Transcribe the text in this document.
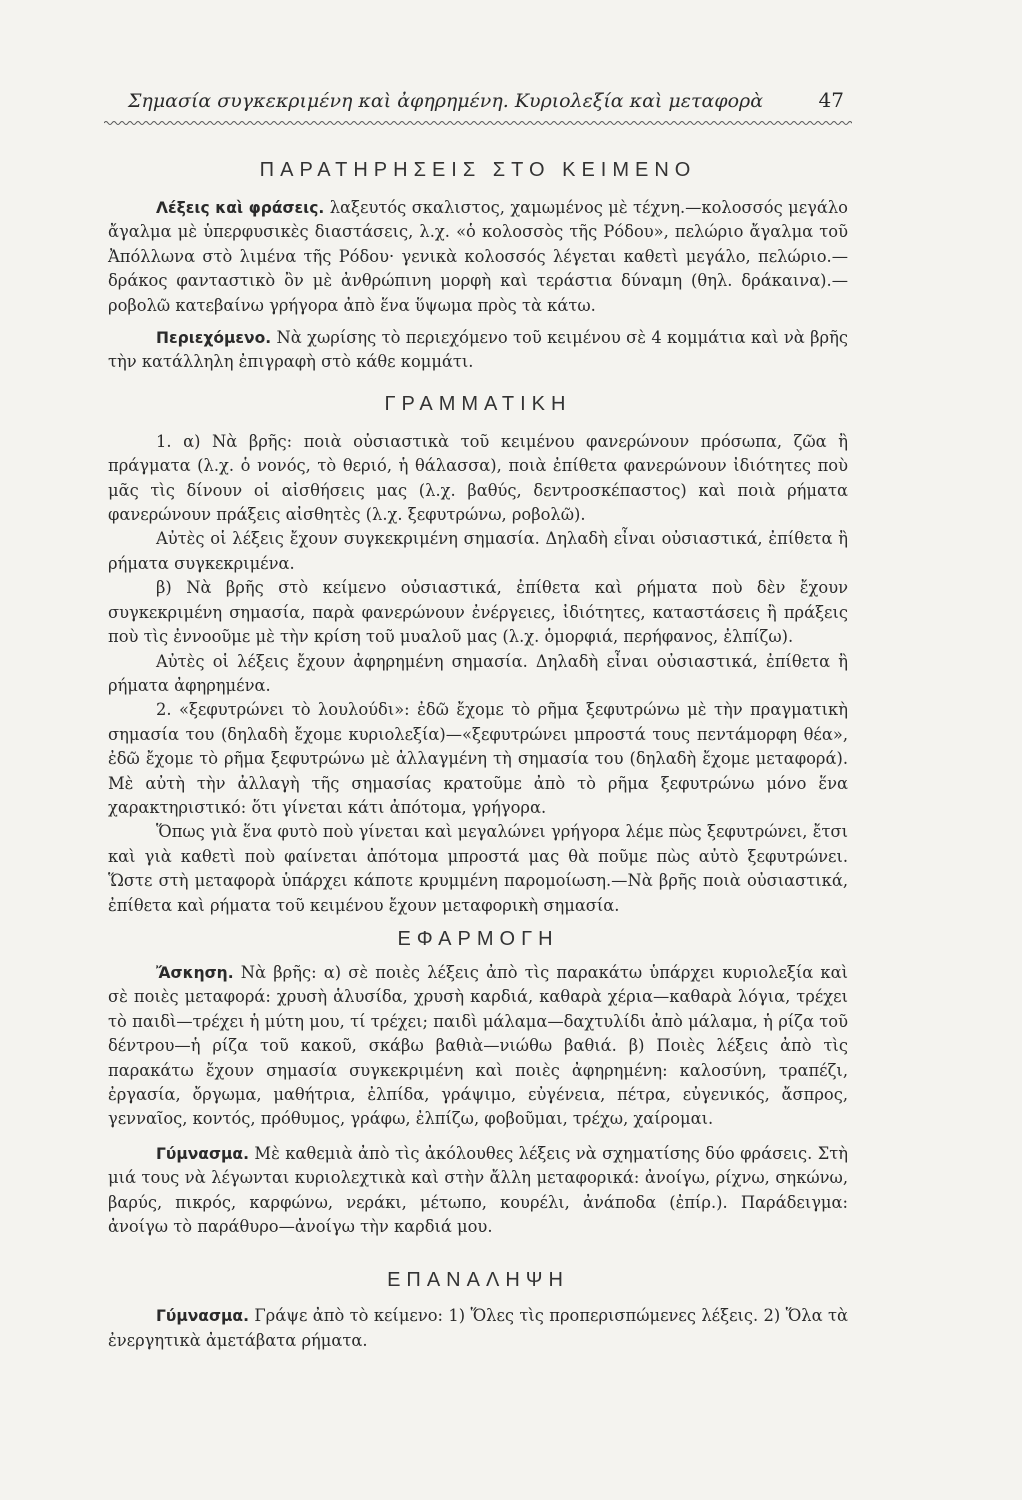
Σημασία συγκεκριμένη καὶ ἀφηρημένη. Κυριολεξία καὶ μεταφορὰ	47
ΠΑΡΑΤΗΡΗΣΕΙΣ ΣΤΟ ΚΕΙΜΕΝΟ

Λέξεις καὶ φράσεις. λαξευτός σκαλιστος, χαμωμένος μὲ τέχνη.—κολοσσός μεγάλο ἄγαλμα μὲ ὑπερφυσικὲς διαστάσεις, λ.χ. «ὁ κολοσσὸς τῆς Ρόδου», πελώριο ἄγαλμα τοῦ Ἀπόλλωνα στὸ λιμένα τῆς Ρόδου· γενικὰ κολοσσός λέγεται καθετὶ μεγάλο, πελώριο.—δράκος φανταστικὸ ὂν μὲ ἀνθρώπινη μορφὴ καὶ τεράστια δύναμη (θηλ. δράκαινα).—ροβολῶ κατεβαίνω γρήγορα ἀπὸ ἕνα ὕψωμα πρὸς τὰ κάτω.

Περιεχόμενο. Νὰ χωρίσης τὸ περιεχόμενο τοῦ κειμένου σὲ 4 κομμάτια καὶ νὰ βρῆς τὴν κατάλληλη ἐπιγραφὴ στὸ κάθε κομμάτι.

ΓΡΑΜΜΑΤΙΚΗ

1. α) Νὰ βρῆς: ποιὰ οὐσιαστικὰ τοῦ κειμένου φανερώνουν πρόσωπα, ζῶα ἢ πράγματα (λ.χ. ὁ νονός, τὸ θεριό, ἡ θάλασσα), ποιὰ ἐπίθετα φανερώνουν ἰδιότητες ποὺ μᾶς τὶς δίνουν οἱ αἰσθήσεις μας (λ.χ. βαθύς, δεντροσκέπαστος) καὶ ποιὰ ρήματα φανερώνουν πράξεις αἰσθητὲς (λ.χ. ξεφυτρώνω, ροβολῶ).

Αὐτὲς οἱ λέξεις ἔχουν συγκεκριμένη σημασία. Δηλαδὴ εἶναι οὐσιαστικά, ἐπίθετα ἢ ρήματα συγκεκριμένα.

β) Νὰ βρῆς στὸ κείμενο οὐσιαστικά, ἐπίθετα καὶ ρήματα ποὺ δὲν ἔχουν συγκεκριμένη σημασία, παρὰ φανερώνουν ἐνέργειες, ἰδιότητες, καταστάσεις ἢ πράξεις ποὺ τὶς ἐννοοῦμε μὲ τὴν κρίση τοῦ μυαλοῦ μας (λ.χ. ὁμορφιά, περήφανος, ἐλπίζω).

Αὐτὲς οἱ λέξεις ἔχουν ἀφηρημένη σημασία. Δηλαδὴ εἶναι οὐσιαστικά, ἐπίθετα ἢ ρήματα ἀφηρημένα.

2. «ξεφυτρώνει τὸ λουλούδι»: ἐδῶ ἔχομε τὸ ρῆμα ξεφυτρώνω μὲ τὴν πραγματικὴ σημασία του (δηλαδὴ ἔχομε κυριολεξία)—«ξεφυτρώνει μπροστά τους πεντάμορφη θέα», ἐδῶ ἔχομε τὸ ρῆμα ξεφυτρώνω μὲ ἀλλαγμένη τὴ σημασία του (δηλαδὴ ἔχομε μεταφορά). Μὲ αὐτὴ τὴν ἀλλαγὴ τῆς σημασίας κρατοῦμε ἀπὸ τὸ ρῆμα ξεφυτρώνω μόνο ἕνα χαρακτηριστικό: ὅτι γίνεται κάτι ἀπότομα, γρήγορα.

Ὅπως γιὰ ἕνα φυτὸ ποὺ γίνεται καὶ μεγαλώνει γρήγορα λέμε πὼς ξεφυτρώνει, ἔτσι καὶ γιὰ καθετὶ ποὺ φαίνεται ἀπότομα μπροστά μας θὰ ποῦμε πὼς αὐτὸ ξεφυτρώνει. Ὥστε στὴ μεταφορὰ ὑπάρχει κάποτε κρυμμένη παρομοίωση.—Νὰ βρῆς ποιὰ οὐσιαστικά, ἐπίθετα καὶ ρήματα τοῦ κειμένου ἔχουν μεταφορικὴ σημασία.

ΕΦΑΡΜΟΓΗ

Ἄσκηση. Νὰ βρῆς: α) σὲ ποιὲς λέξεις ἀπὸ τὶς παρακάτω ὑπάρχει κυριολεξία καὶ σὲ ποιὲς μεταφορά: χρυσὴ ἁλυσίδα, χρυσὴ καρδιά, καθαρὰ χέρια—καθαρὰ λόγια, τρέχει τὸ παιδὶ—τρέχει ἡ μύτη μου, τί τρέχει; παιδὶ μάλαμα—δαχτυλίδι ἀπὸ μάλαμα, ἡ ρίζα τοῦ δέντρου—ἡ ρίζα τοῦ κακοῦ, σκάβω βαθιὰ—νιώθω βαθιά. β) Ποιὲς λέξεις ἀπὸ τὶς παρακάτω ἔχουν σημασία συγκεκριμένη καὶ ποιὲς ἀφηρημένη: καλοσύνη, τραπέζι, ἐργασία, ὄργωμα, μαθήτρια, ἐλπίδα, γράψιμο, εὐγένεια, πέτρα, εὐγενικός, ἄσπρος, γενναῖος, κοντός, πρόθυμος, γράφω, ἐλπίζω, φοβοῦμαι, τρέχω, χαίρομαι.

Γύμνασμα. Μὲ καθεμιὰ ἀπὸ τὶς ἀκόλουθες λέξεις νὰ σχηματίσης δύο φράσεις. Στὴ μιά τους νὰ λέγωνται κυριολεχτικὰ καὶ στὴν ἄλλη μεταφορικά: ἀνοίγω, ρίχνω, σηκώνω, βαρύς, πικρός, καρφώνω, νεράκι, μέτωπο, κουρέλι, ἀνάποδα (ἐπίρ.). Παράδειγμα: ἀνοίγω τὸ παράθυρο—ἀνοίγω τὴν καρδιά μου.

ΕΠΑΝΑΛΗΨΗ

Γύμνασμα. Γράψε ἀπὸ τὸ κείμενο: 1) Ὅλες τὶς προπερισπώμενες λέξεις. 2) Ὅλα τὰ ἐνεργητικὰ ἀμετάβατα ρήματα.
